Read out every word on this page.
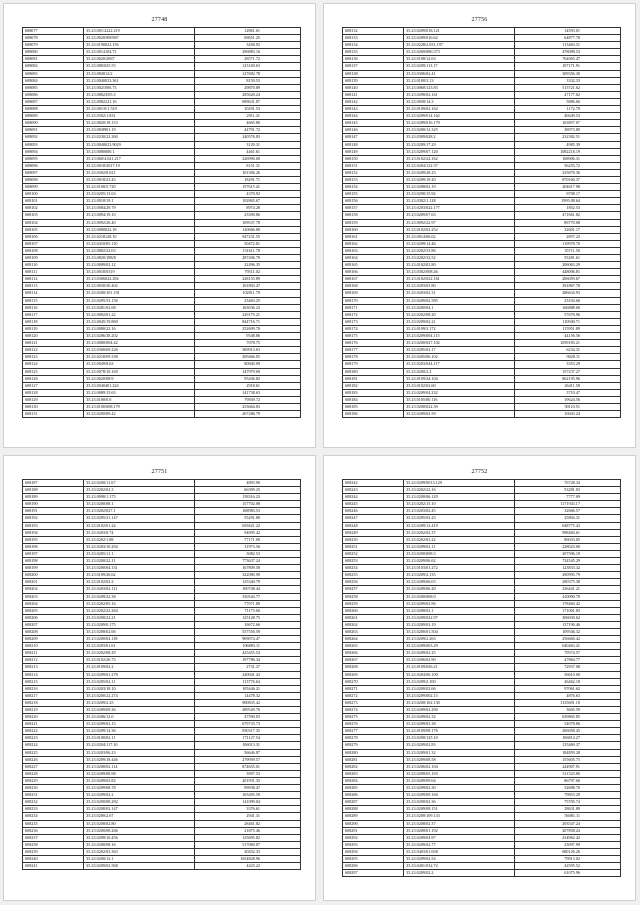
27748
608077	35.23.001/2222.219	12861.61
608078	35.23.0020/900587	69651.25
608079	35.23.0190022.156	3458.92
608080	35.23.0014104.71	296883.16
608081	35.23.0020/2067	28571.72
608082	35.23.080/025.55	123169.63
608083	35.23.084012/2	127682.78
608084	35.23.0040023.361	8159.53
608085	35.23.0021006.73	29870.89
608086	35.23.08023/05.5	285620.24
608087	35.23.0082221.16	699631.87
608088	35.23.001/0/1.510	10291.53
608089	35.23.0302/1.831	2911.41
608090	35.23.0820/18.153	4665.86
608091	35.23.00/8901.19	44791.72
608092	35.23.0230/22.260	240576.83
608093	35.23.0040023.9029	3129.31
608094	35.23.0080000.1	4461.61
608095	35.23.060/4.021.217	226990.00
608096	35.23.0018/2017.19	8151.31
608097	35.23.0302/8.021	101306.26
608098	35.23.0018/23.43	18291.71
608099	35.23.0100/5.720	157615.41
608100	35.23.0205/13.63	4370.92
608101	35.23.0018/19.1	102865.67
608102	35.23.0084/29.79	8974.28
608103	35.23.0094/19.10	23390.86
608104	35.23.0092/26.40	109537.78
608105	35.23.0080022.18	120666.80
608106	35.23.0218128.10	947231.55
608107	35.23.0410/05.110	50472.81
608108	35.23.0802/22.03	131611.78
608109	35.23.0820/188/8	287206.79
608110	35.23.0009/02.12	22496.35
608111	35.23.0018/0319	79511.02
608112	35.23.0306022.294	228155.89
608113	35.23.0030/30.402	101803.47
608114	35.23.0200/101.191	102811.79
608115	35.23.0295/33.156	23463.25
608116	35.23.0281/02.68	163036.23
608117	35.23.0092/01.22	229175.21
608118	35.23.0045/19.869	844716.71
608119	35.23.0080/22.16	252699.78
608120	35.23.0286/38.202	9548.86
608121	35.23.0080/004.42	7078.75
608122	35.23.0300/69.226	369913.63
608123	35.23.0218/09.338	209466.05
608124	35.23.0049/8.63	80840.09
608125	35.23.0078/10.169	147979.69
608126	35.23.0020/08.9	95206.82
608127	35.23.0040401.224	2918.61
608128	35.23.0089/15.63	141738.63
608129	35.23.0100/0.0	79839.72
608130	35.23.0100/008.179	253664.83
608131	35.23.0200/89.42	267286.79
27756
608132	35.23.0209/018.121	14593.01
608133	35.23.0209/016.62	64877.78
608134	35.23.0228/2.031.197	113463.31
608135	35.23.0269/086.373	478098.53
608136	35.23.0108/12.63	764065.47
608137	35.23.0209/113.17	107171.91
608138	35.23.0306/02.41	309356.30
608139	35.23.0100/3.13	3332.33
608140	35.23.0060/123.83	515721.62
608141	35.23.0298/02.161	47177.02
608142	35.23.0058/14.3	5886.66
608143	35.23.0109/02.162	1172.79
608144	35.23.0209/014.162	46649.53
608145	35.23.0289/016.179	163857.07
608146	35.23.0200/12.325	38973.80
608147	35.23.0309/028.2	232382.51
608148	35.23.0209/17.29	4985.39
608149	35.23.0209/07.120	1082218.19
608150	35.23.0102/22.162	168906.31
608151	35.23.0204/122.37	56255.72
608152	35.23.0209/28.23	235878.36
608153	35.23.0209/19.20	870160.37
608154	35.23.0208/02.19	204617.98
608155	35.23.0290/15.92	9708.17
608156	35.23.0302/1.128	1995.08.64
608157	35.23.0203/022.177	1852.53
608158	35.23.0209/07.63	471661.82
608159	35.23.0092/22.97	89770.08
608160	35.23.0102/02.252	32601.17
608161	35.23.0014/06.62	2857.23
608162	35.23.0209/14.46	119978.70
608163	35.23.0202/33.86	35711.50
608164	35.23.0202/32.52	55281.61
608165	35.23.0102/02.80	206063.29
608166	35.23.0302/008.46	448006.81
608167	35.23.0102/022.161	206059.67
608168	35.23.0203/03.80	391867.78
608169	35.23.0203/02.31	286634.93
608170	35.23.0209/02.585	23194.60
608171	35.23.0200/04.1	166888.60
608172	35.23.0202/08.20	57670.96
608173	35.23.0209/02.21	110940.71
608174	35.23.0109/3.172	115951.89
608175	35.23.0209/004.115	44156.56
608176	35.23.0200/027.102	1059183.21
608177	35.23.0205/02.17	6234.31
608178	35.23.0205/06.102	9028.11
608179	35.23.0203/044.117	3353.29
608180	35.23.0200/2.2	157237.27
608181	35.23.0109/44.104	862195.96
608182	35.23.0102/02.60	26411.58
608183	35.23.0209/04.232	3710.47
608184	35.23.0105/80.116	19624.56
608185	35.23.0200/022.39	39110.51
608186	35.23.0209/02.59	10043.24
27751
608187	35.23.0200/11.67	4893.90
608188	35.23.0202/02.3	66399.25
608189	35.23.0090/1.175	158316.23
608190	35.23.0200/08.1	157702.08
608191	35.23.0202/027.1	168983.53
608192	35.23.0205/31.147	55291.80
608193	35.23.0102/01.24	659421.22
608194	35.23.0203/0.74	94095.42
608195	35.23.0202/1.88	77171.00
608196	35.23.0203/10.294	31973.56
608197	35.23.0205/11.1	3082.53
608198	35.23.0200/22.11	773637.24
608199	35.23.0200/04.131	167809.58
608200	35.23.0109/26.62	322080.90
608201	35.23.0102/02.2	125340.79
608202	35.23.0203/02.111	100748.44
608203	35.23.0209/22.38	330544.77
608204	35.23.0202/05.16	77071.80
608205	35.23.0202/22.264	71175.60
608206	35.23.0200/22.21	125128.75
608207	35.23.0209/0.175	16672.66
608208	35.23.0208/02.66	557556.59
608209	35.23.0200/02.118	909074.47
608210	35.23.0203/01.61	106883.11
608211	35.23.0202/08.29	425455.54
608212	35.23.0102/26.75	197786.34
608213	35.23.0109/02.2	2731.37
608214	35.23.0209/01.278	240041.43
608215	35.23.0205/02.11	113776.64
608216	35.23.0203/18.10	105446.21
608217	35.23.0200/22.274	14478.32
608218	35.23.0209/2.25	900835.42
608219	35.23.0209/09.26	289520.76
608220	35.23.0206/12.0	47590.03
608221	35.23.0209/02.15	679735.73
608222	35.23.0209/14.36	930317.35
608223	35.23.0100/02.11	171127.54
608224	35.23.0204/117.10	106013.31
608225	35.23.0203/06.23	56646.87
608226	35.23.0209/18.446	279959.57
608227	35.23.0208/02.114	874655.01
608228	35.23.0209/08.98	3997.53
608229	35.23.0209/02.82	201931.35
608230	35.23.0209/08.78	99938.47
608231	35.23.0209/02.2	165495.59
608232	35.23.0200/08.292	141099.04
608233	35.23.0208/02.147	3376.61
608234	35.23.0200/2.67	2941.31
608235	35.23.0208/02.80	28461.82
608236	35.23.0200/08.266	21875.46
608237	35.23.0208/10.456	125695.82
608238	35.23.0208/08.16	517069.07
608239	35.23.0202/03.363	20452.33
608240	35.23.0200/12.1	1654828.96
608241	35.23.0209/02.568	4425.22
27752
608242	35.23.0209/0013.129	76728.34
608243	35.23.0202/22.16	53281.03
608244	35.23.0200/06.129	7777.09
608245	35.23.0202/15.10	1171943.17
608246	35.23.0203/02.45	32666.57
608247	35.23.0205/02.23	25804.31
608248	35.23.0209/12.419	648775.43
608249	35.23.0202/02.37	998484.61
608250	35.23.0202/03.22	86033.05
608251	35.23.0209/02.11	228023.00
608252	35.23.0200/008.3	207596.19
608253	35.23.0209/06.62	724545.29
608254	35.23.0103/01.272	123833.32
608255	35.23.0209/2.135	290995.79
608256	35.23.0209/66.03	290375.38
608257	35.23.0209/06.20	236441.21
608258	35.23.0200/068.0	410090.70
608259	35.23.0209/02.96	178460.42
608260	35.23.0208/02.1	171001.83
608261	35.23.0209/022.97	306030.62
608262	35.23.0209/02.19	137190.46
608263	35.23.0200/01.504	109546.32
608264	35.23.0209/2.263	256660.42
608265	35.23.0209/003.29	640463.41
608266	35.23.0209/02.25	79574.57
608267	35.23.0206/02.90	47864.77
608268	35.23.0109/026.21	72937.08
608269	35.23.0204/06.100	56610.00
608270	35.23.0209/2.100	46462.18
608271	35.23.0200/02.66	97061.62
608272	35.23.0209/002.15	4876.63
608273	35.23.0200/102.130	1135691.18
608274	35.23.0209/02.290	3605.59
608275	35.23.0209/02.32	639865.85
608276	35.23.0209/03.38	54078.86
608277	35.23.0109/08.176	206058.45
608278	35.23.0200/125.10	106814.27
608279	35.23.0209/02.83	135469.37
608280	35.23.0209/01.32	184859.28
608281	35.23.0209/08.58	155605.75
608282	35.23.0206/02.104	244907.91
608283	35.23.0208/05.193	311523.86
608284	35.23.0209/09.64	86797.60
608285	35.23.0209/02.30	52688.70
608286	35.23.0209/09.160	79853.29
608287	35.23.0200/02.36	75705.74
608288	35.23.0209/08.151	28631.89
608289	35.23.0200/109.133	56081.11
608290	35.23.0208/02.37	293547.24
608291	35.23.0208/01.192	207858.24
608292	35.23.0209/04.97	234962.42
608293	35.23.0209/02.77	23097.99
608294	35.23.0403/01.658	680126.26
608295	35.23.0209/02.54	79813.02
608296	35.23.0401/032.72	42595.52
608297	35.23.0209/02.2	61075.96
